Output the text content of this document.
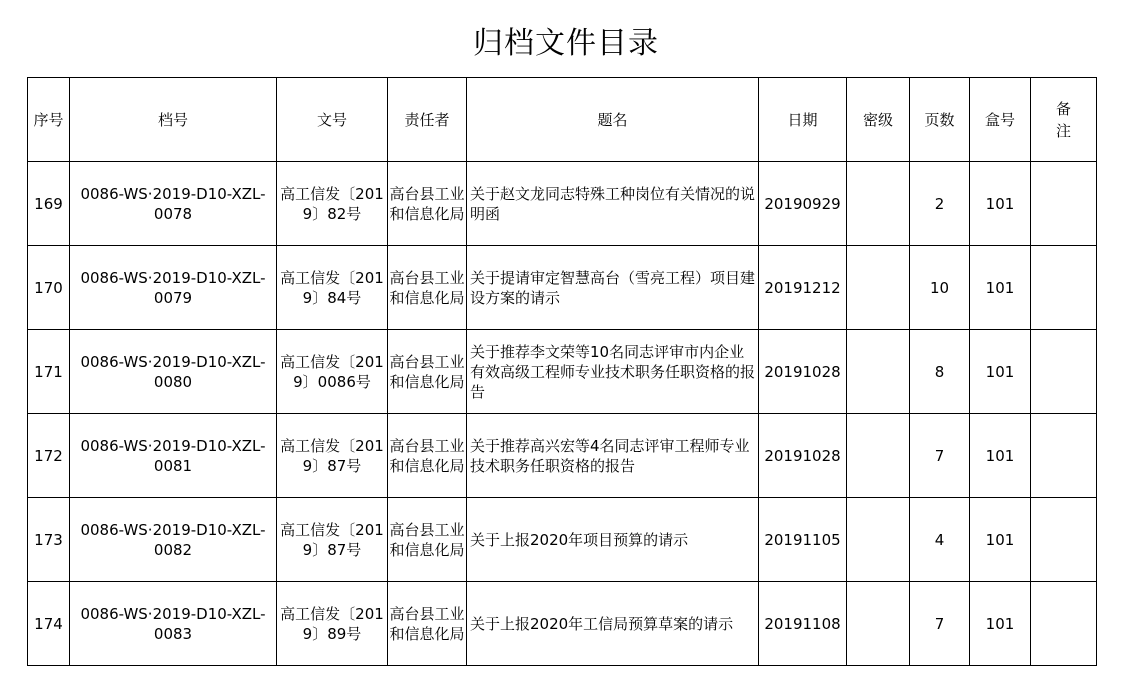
归档文件目录
序号	档号	文号	责任者	题名	日期	密级	页数	盒号	备注

169	0086-WS·2019-D10-XZL-0078	高工信发〔2019〕82号	高台县工业和信息化局	关于赵文龙同志特殊工种岗位有关情况的说明函	20190929		2	101	
170	0086-WS·2019-D10-XZL-0079	高工信发〔2019〕84号	高台县工业和信息化局	关于提请审定智慧高台（雪亮工程）项目建设方案的请示	20191212		10	101	
171	0086-WS·2019-D10-XZL-0080	高工信发〔2019〕0086号	高台县工业和信息化局	关于推荐李文荣等10名同志评审市内企业有效高级工程师专业技术职务任职资格的报告	20191028		8	101	
172	0086-WS·2019-D10-XZL-0081	高工信发〔2019〕87号	高台县工业和信息化局	关于推荐高兴宏等4名同志评审工程师专业技术职务任职资格的报告	20191028		7	101	
173	0086-WS·2019-D10-XZL-0082	高工信发〔2019〕87号	高台县工业和信息化局	关于上报2020年项目预算的请示	20191105		4	101	
174	0086-WS·2019-D10-XZL-0083	高工信发〔2019〕89号	高台县工业和信息化局	关于上报2020年工信局预算草案的请示	20191108		7	101	
